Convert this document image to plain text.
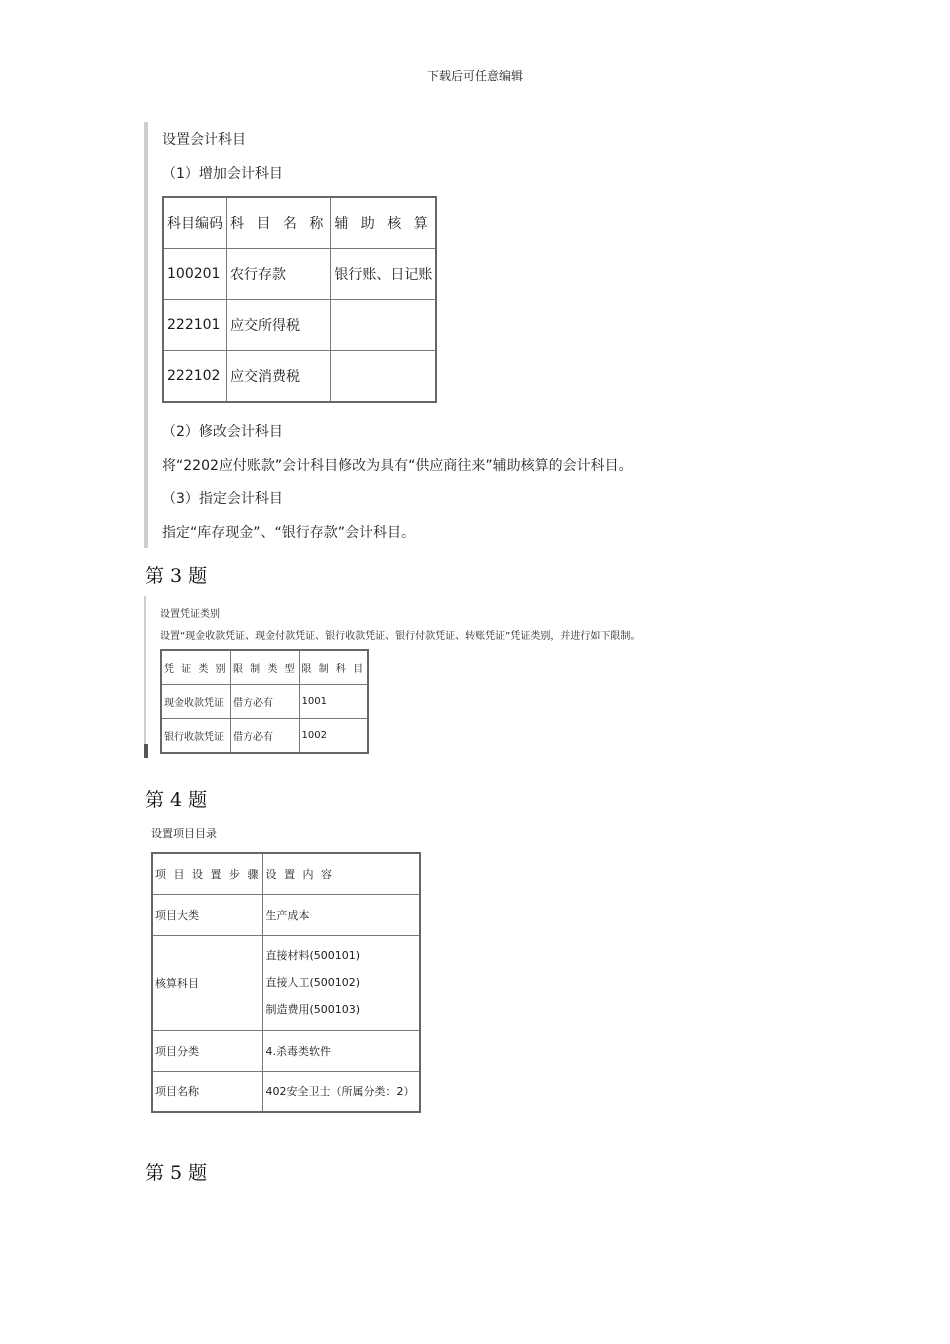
下载后可任意编辑
设置会计科目
（1）增加会计科目
科目编码	科 目 名 称	辅 助 核 算
100201	农行存款	银行账、日记账
222101	应交所得税	
222102	应交消费税	
（2）修改会计科目
将“2202应付账款”会计科目修改为具有“供应商往来”辅助核算的会计科目。
（3）指定会计科目
指定“库存现金”、“银行存款”会计科目。
第 3 题
设置凭证类别
设置“现金收款凭证、现金付款凭证、银行收款凭证、银行付款凭证、转账凭证”凭证类别，并进行如下限制。
凭 证 类 别	限 制 类 型	限 制 科 目
现金收款凭证	借方必有	1001
银行收款凭证	借方必有	1002
第 4 题
设置项目目录
项 目 设 置 步 骤	设 置 内 容
项目大类	生产成本
核算科目	直接材料(500101)
直接人工(500102)
制造费用(500103)

项目分类	4.杀毒类软件
项目名称	402安全卫士（所属分类：2）
第 5 题
